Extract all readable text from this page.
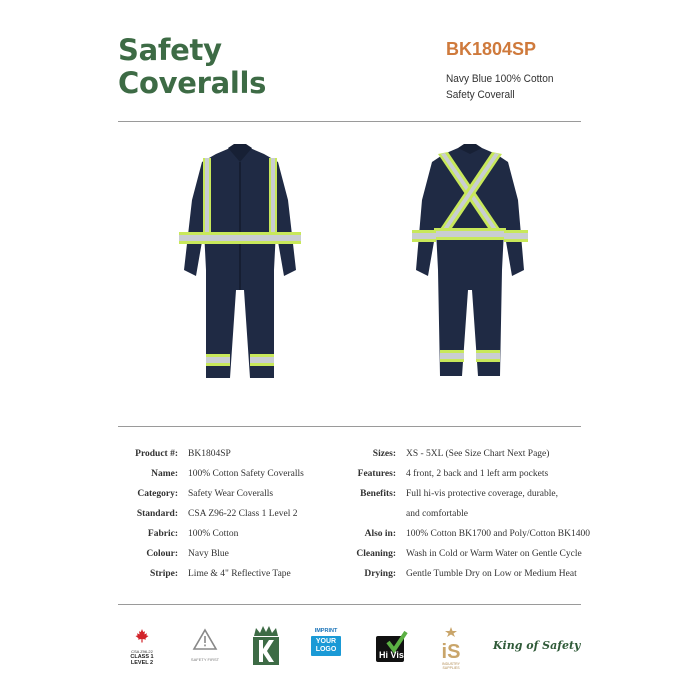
Safety
Coveralls
BK1804SP
Navy Blue 100% Cotton
Safety Coverall
Product #: BK1804SP
Name: 100% Cotton Safety Coveralls
Category: Safety Wear Coveralls
Standard: CSA Z96-22 Class 1 Level 2
Fabric: 100% Cotton
Colour: Navy Blue
Stripe: Lime & 4" Reflective Tape
Sizes: XS - 5XL (See Size Chart Next Page)
Features: 4 front, 2 back and 1 left arm pockets
Benefits: Full hi-vis protective coverage, durable,
and comfortable
Also in: 100% Cotton BK1700 and Poly/Cotton BK1400
Cleaning: Wash in Cold or Warm Water on Gentle Cycle
Drying: Gentle Tumble Dry on Low or Medium Heat
CSA Z96-22
CLASS 1
LEVEL 2
SAFETY FIRST
IMPRINT
YOUR
LOGO
Hi Vis	iS
INDUSTRY SUPPLIES
King of Safety
